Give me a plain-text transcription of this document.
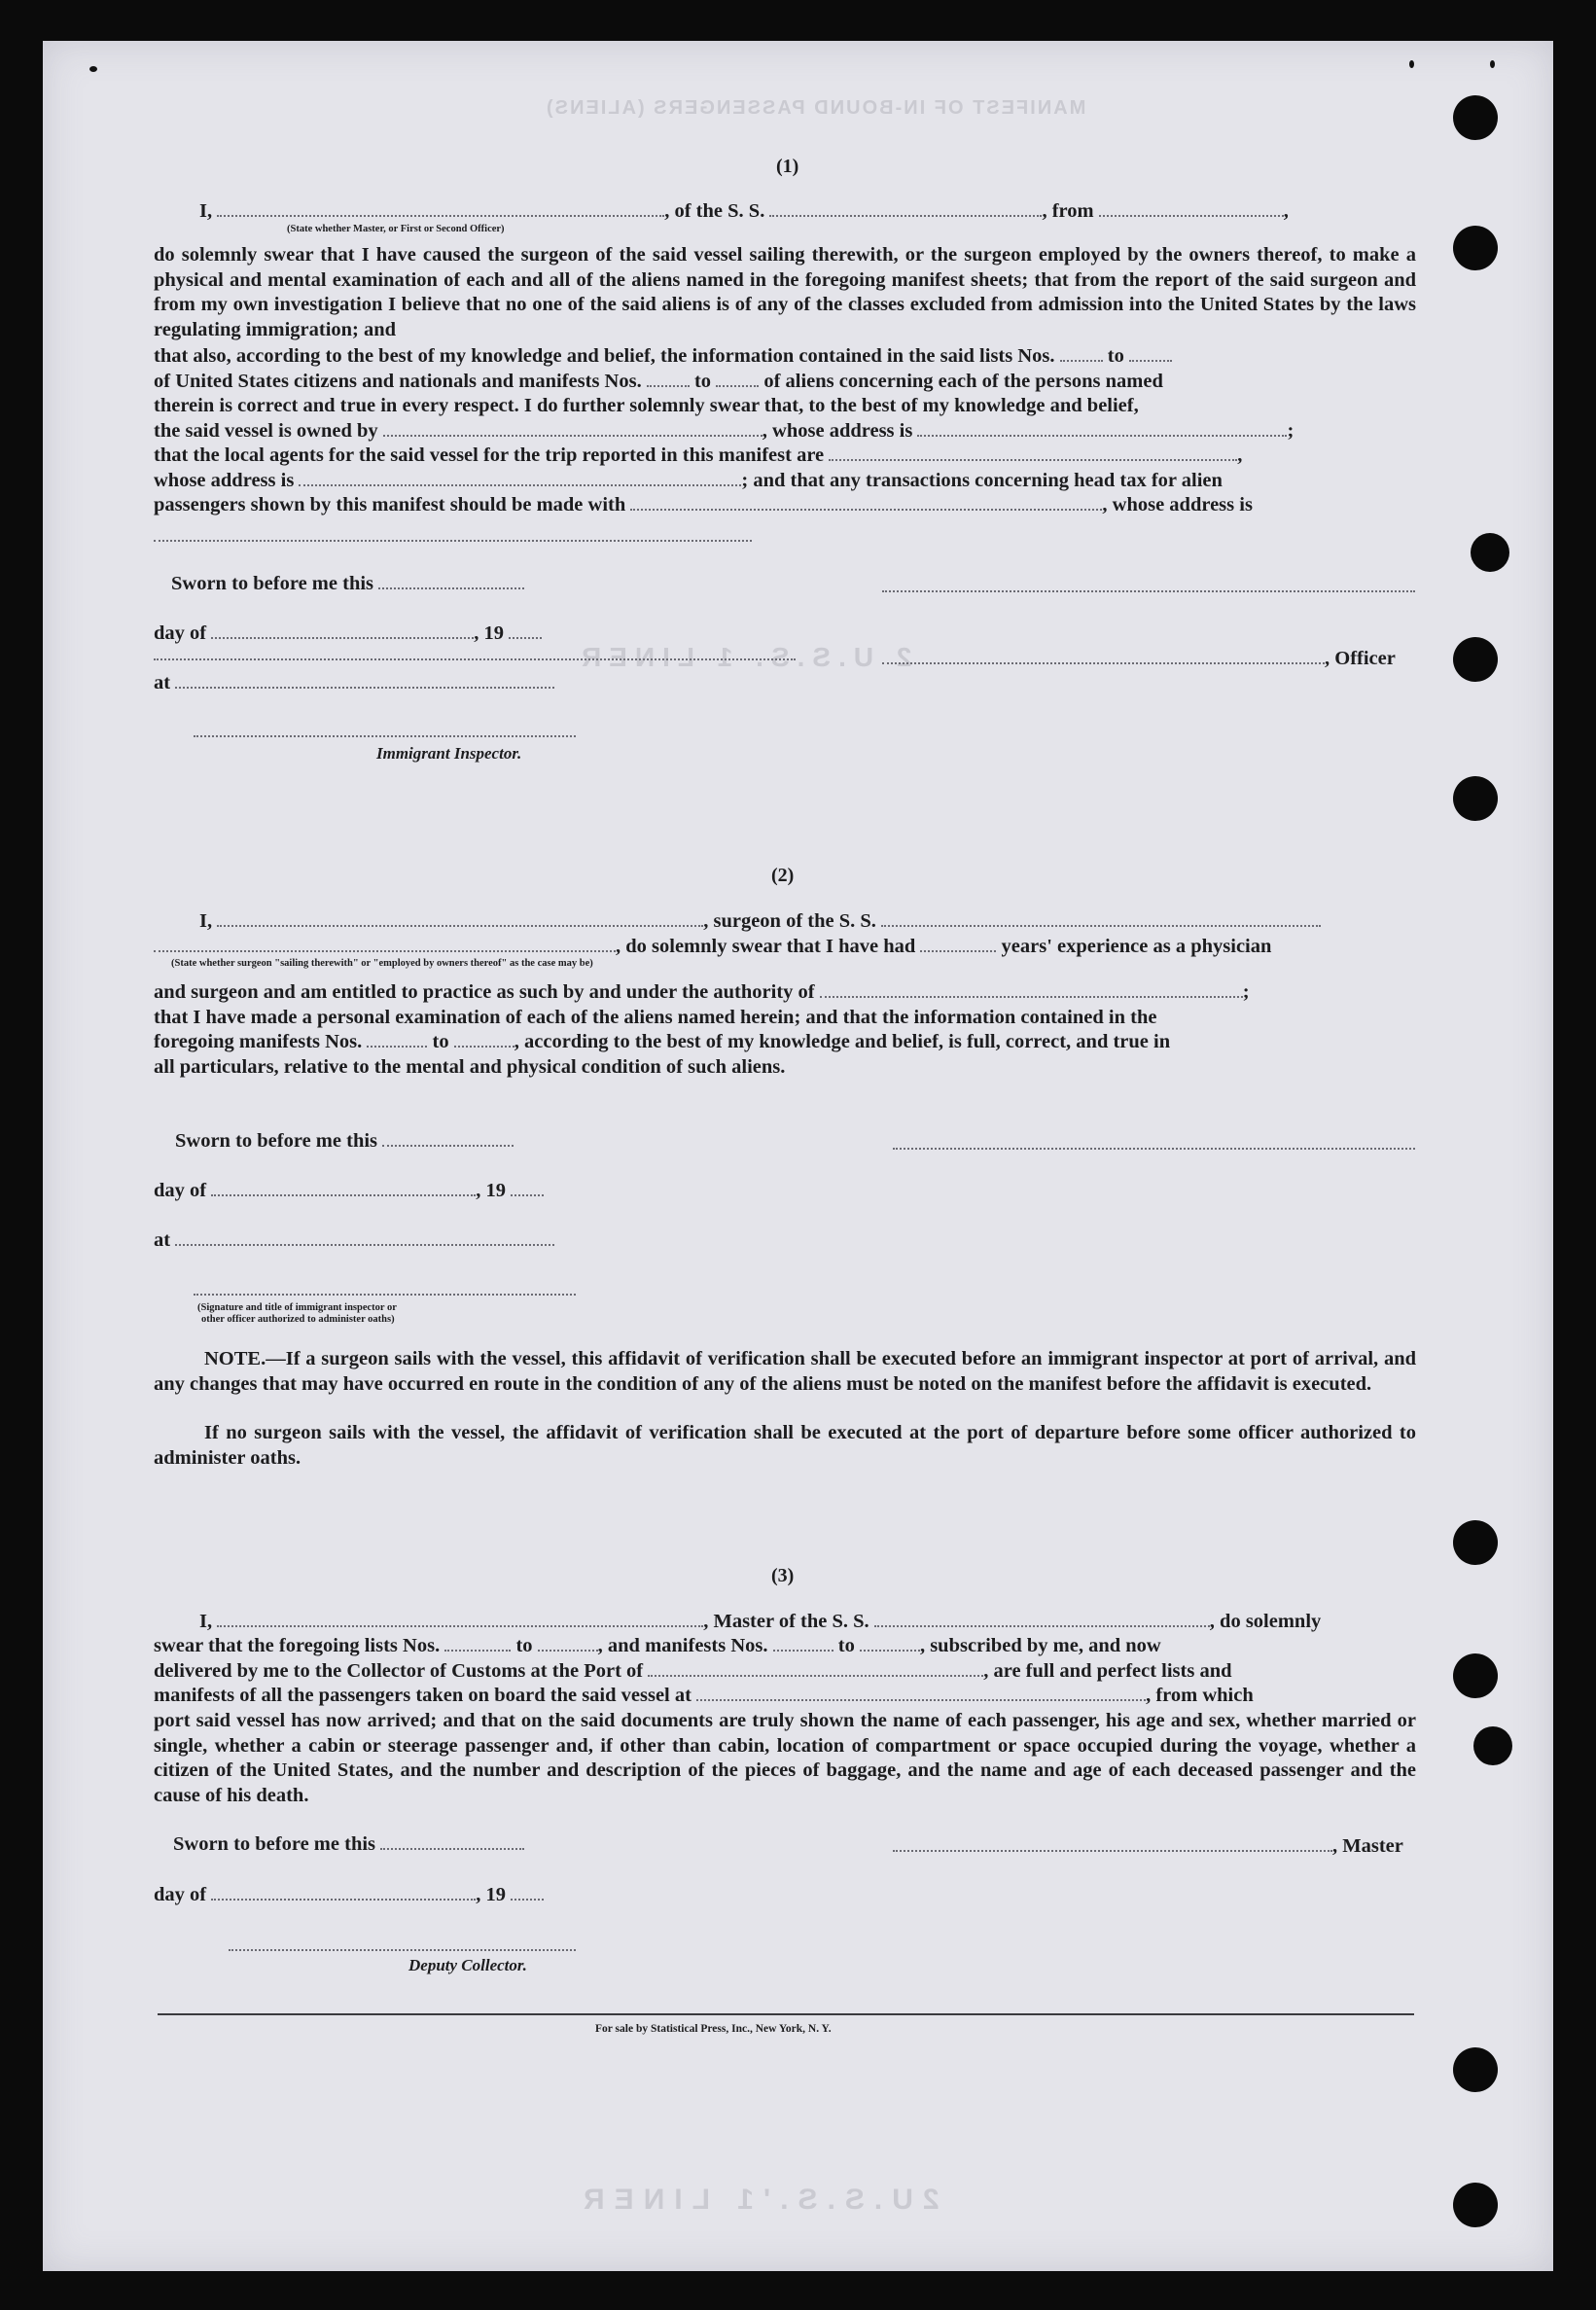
MANIFEST OF IN-BOUND PASSENGERS (ALIENS)
2 U.S.S. 1 LINER
2U.S.S.'1 LINER
(1)
I,	, of the S. S.	, from	,
(State whether Master, or First or Second Officer)
do solemnly swear that I have caused the surgeon of the said vessel sailing therewith, or the surgeon employed by the owners thereof, to make a physical and mental examination of each and all of the aliens named in the foregoing manifest sheets; that from the report of the said surgeon and from my own investigation I believe that no one of the said aliens is of any of the classes excluded from admission into the United States by the laws regulating immigration; and
that also, according to the best of my knowledge and belief, the information contained in the said lists Nos.	to
of United States citizens and nationals and manifests Nos.	to	of aliens concerning each of the persons named
therein is correct and true in every respect. I do further solemnly swear that, to the best of my knowledge and belief,
the said vessel is owned by	, whose address is	;
that the local agents for the said vessel for the trip reported in this manifest are	,
whose address is	; and that any transactions concerning head tax for alien
passengers shown by this manifest should be made with	, whose address is
Sworn to before me this
day of	, 19
, Officer
at
Immigrant Inspector.
(2)
I,	, surgeon of the S. S.
, do solemnly swear that I have had	years' experience as a physician
(State whether surgeon "sailing therewith" or "employed by owners thereof" as the case may be)
and surgeon and am entitled to practice as such by and under the authority of	;
that I have made a personal examination of each of the aliens named herein; and that the information contained in the
foregoing manifests Nos.	to	, according to the best of my knowledge and belief, is full, correct, and true in
all particulars, relative to the mental and physical condition of such aliens.
Sworn to before me this
day of	, 19
at
(Signature and title of immigrant inspector or
other officer authorized to administer oaths)
NOTE.—If a surgeon sails with the vessel, this affidavit of verification shall be executed before an immigrant inspector at port of arrival, and any changes that may have occurred en route in the condition of any of the aliens must be noted on the manifest before the affidavit is executed.
If no surgeon sails with the vessel, the affidavit of verification shall be executed at the port of departure before some officer authorized to administer oaths.
(3)
I,	, Master of the S. S.	, do solemnly
swear that the foregoing lists Nos.	to	, and manifests Nos.	to	, subscribed by me, and now
delivered by me to the Collector of Customs at the Port of	, are full and perfect lists and
manifests of all the passengers taken on board the said vessel at	, from which
port said vessel has now arrived; and that on the said documents are truly shown the name of each passenger, his age and sex, whether married or single, whether a cabin or steerage passenger and, if other than cabin, location of compartment or space occupied during the voyage, whether a citizen of the United States, and the number and description of the pieces of baggage, and the name and age of each deceased passenger and the cause of his death.
Sworn to before me this	, Master
day of	, 19
Deputy Collector.
For sale by Statistical Press, Inc., New York, N. Y.
